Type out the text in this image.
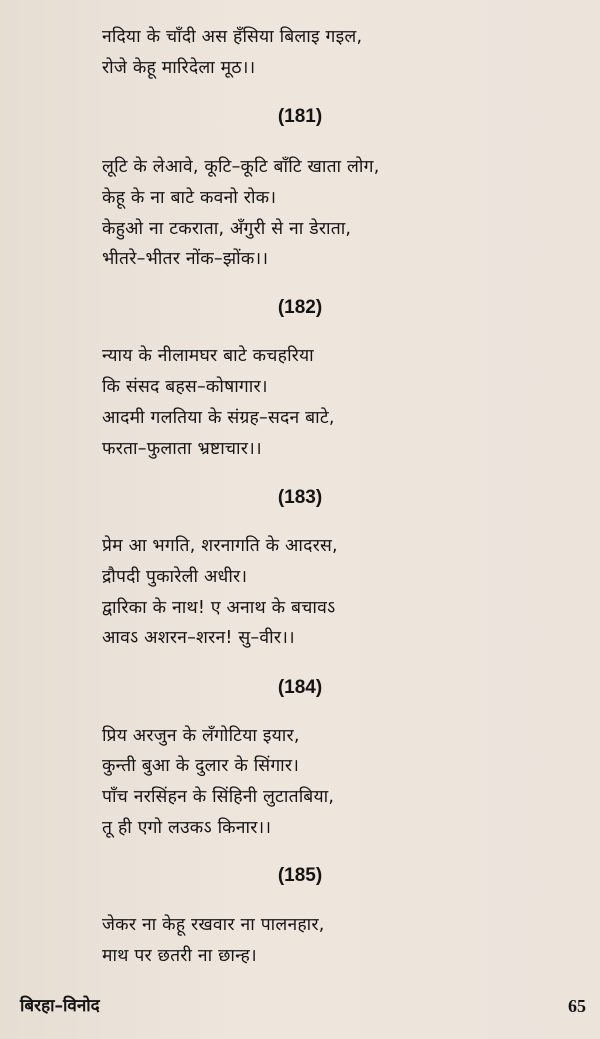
नदिया के चाँदी अस हँसिया बिलाइ गइल,
रोजे केहू मारिदेला मूठ।।
(181)
लूटि के लेआवे, कूटि–कूटि बाँटि खाता लोग,
केहू के ना बाटे कवनो रोक।
केहुओ ना टकराता, अँगुरी से ना डेराता,
भीतरे–भीतर नोंक–झोंक।।
(182)
न्याय के नीलामघर बाटे कचहरिया
कि संसद बहस–कोषागार।
आदमी गलतिया के संग्रह–सदन बाटे,
फरता–फुलाता भ्रष्टाचार।।
(183)
प्रेम आ भगति, शरनागति के आदरस,
द्रौपदी पुकारेली अधीर।
द्वारिका के नाथ! ए अनाथ के बचावऽ
आवऽ अशरन–शरन! सु–वीर।।
(184)
प्रिय अरजुन के लँगोटिया इयार,
कुन्ती बुआ के दुलार के सिंगार।
पाँच नरसिंहन के सिंहिनी लुटातबिया,
तू ही एगो लउकऽ किनार।।
(185)
जेकर ना केहू रखवार ना पालनहार,
माथ पर छतरी ना छान्ह।
बिरहा–विनोद	65
